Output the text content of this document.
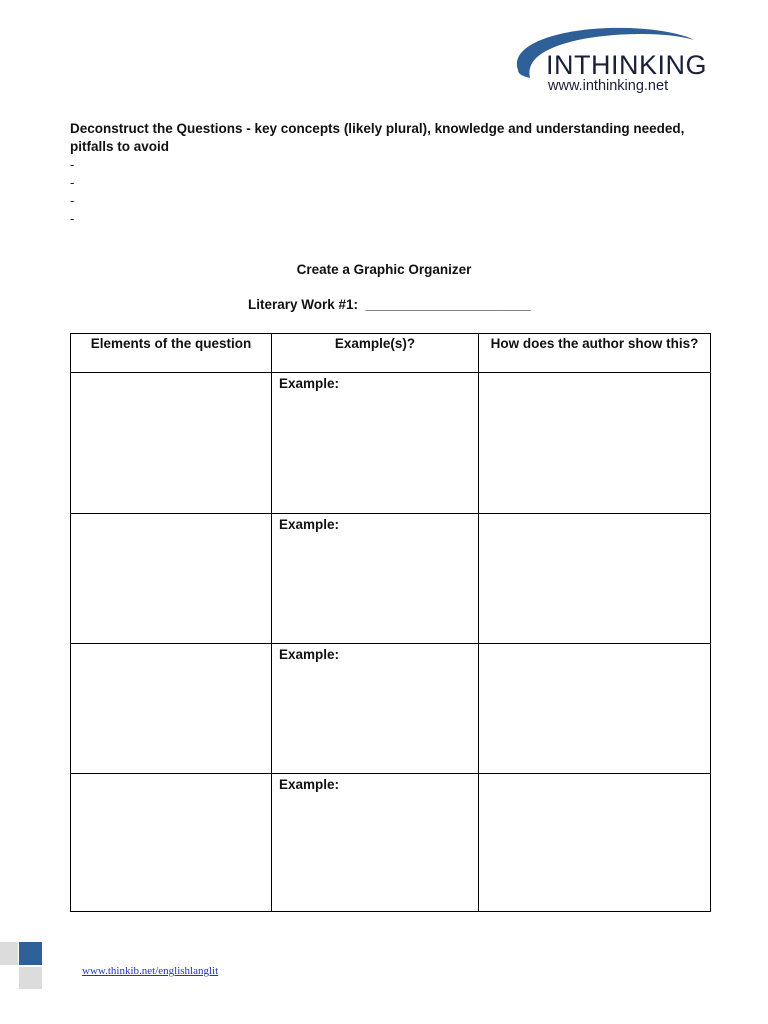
INTHINKING
www.inthinking.net
Deconstruct the Questions - key concepts (likely plural), knowledge and understanding needed, pitfalls to avoid
-
-
-
-
Create a Graphic Organizer
Literary Work #1:  ______________________
Elements of the question	Example(s)?	How does the author show this?

	Example:	

	Example:	

	Example:	

	Example:	

www.thinkib.net/englishlanglit
